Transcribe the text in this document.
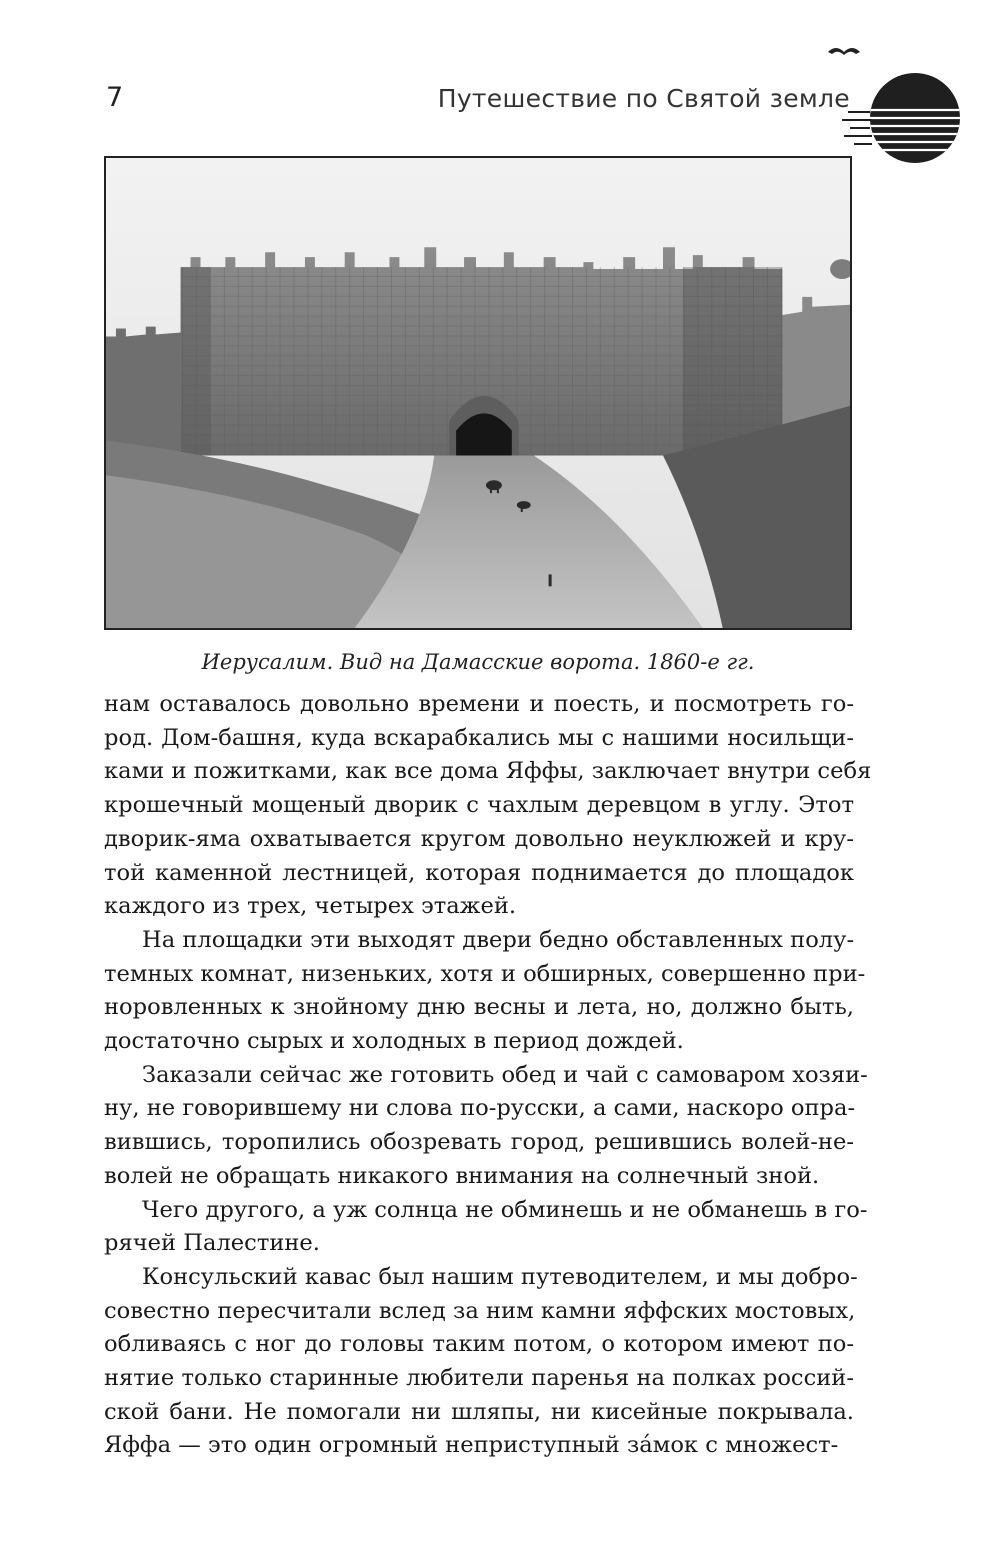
7	Путешествие по Святой земле
Иерусалим. Вид на Дамасские ворота. 1860-е гг.
нам оставалось довольно времени и поесть, и посмотреть го-
род. Дом-башня, куда вскарабкались мы с нашими носильщи-
ками и пожитками, как все дома Яффы, заключает внутри себя
крошечный мощеный дворик с чахлым деревцом в углу. Этот
дворик-яма охватывается кругом довольно неуклюжей и кру-
той каменной лестницей, которая поднимается до площадок
каждого из трех, четырех этажей.
На площадки эти выходят двери бедно обставленных полу-
темных комнат, низеньких, хотя и обширных, совершенно при-
норовленных к знойному дню весны и лета, но, должно быть,
достаточно сырых и холодных в период дождей.
Заказали сейчас же готовить обед и чай с самоваром хозяи-
ну, не говорившему ни слова по-русски, а сами, наскоро опра-
вившись, торопились обозревать город, решившись волей-не-
волей не обращать никакого внимания на солнечный зной.
Чего другого, а уж солнца не обминешь и не обманешь в го-
рячей Палестине.
Консульский кавас был нашим путеводителем, и мы добро-
совестно пересчитали вслед за ним камни яффских мостовых,
обливаясь с ног до головы таким потом, о котором имеют по-
нятие только старинные любители паренья на полках россий-
ской бани. Не помогали ни шляпы, ни кисейные покрывала.
Яффа — это один огромный неприступный за́мок с множест-
